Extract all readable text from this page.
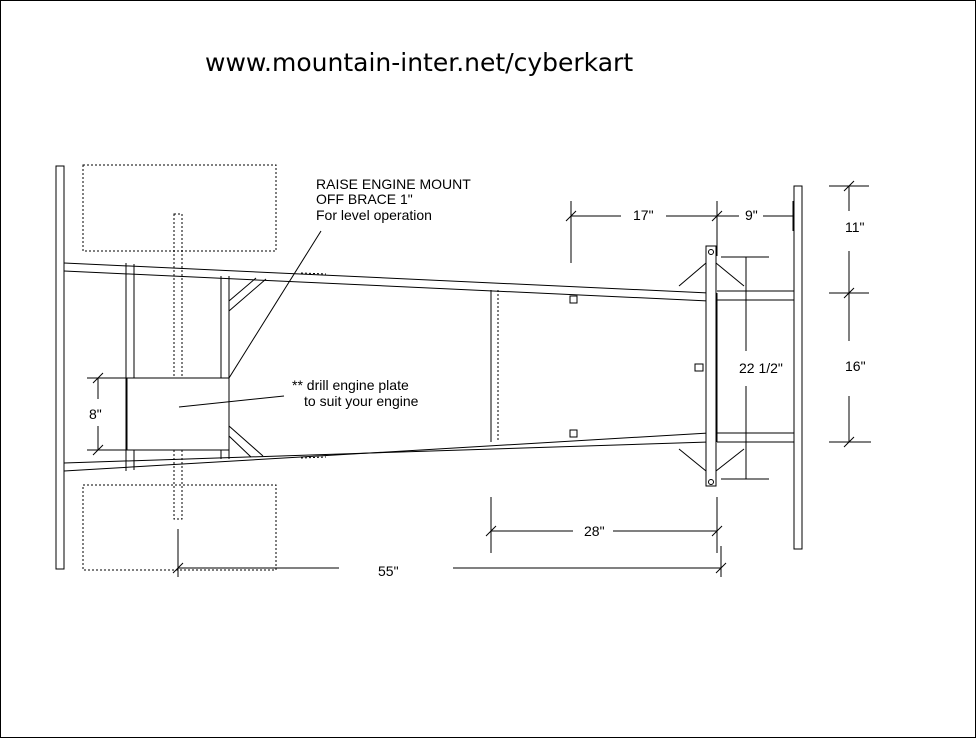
www.mountain-inter.net/cyberkart
RAISE ENGINE MOUNT
OFF BRACE 1"
For level operation
** drill engine plate
to suit your engine
17"	9"
11"
16"
22 1/2"
8"
28"
55"
